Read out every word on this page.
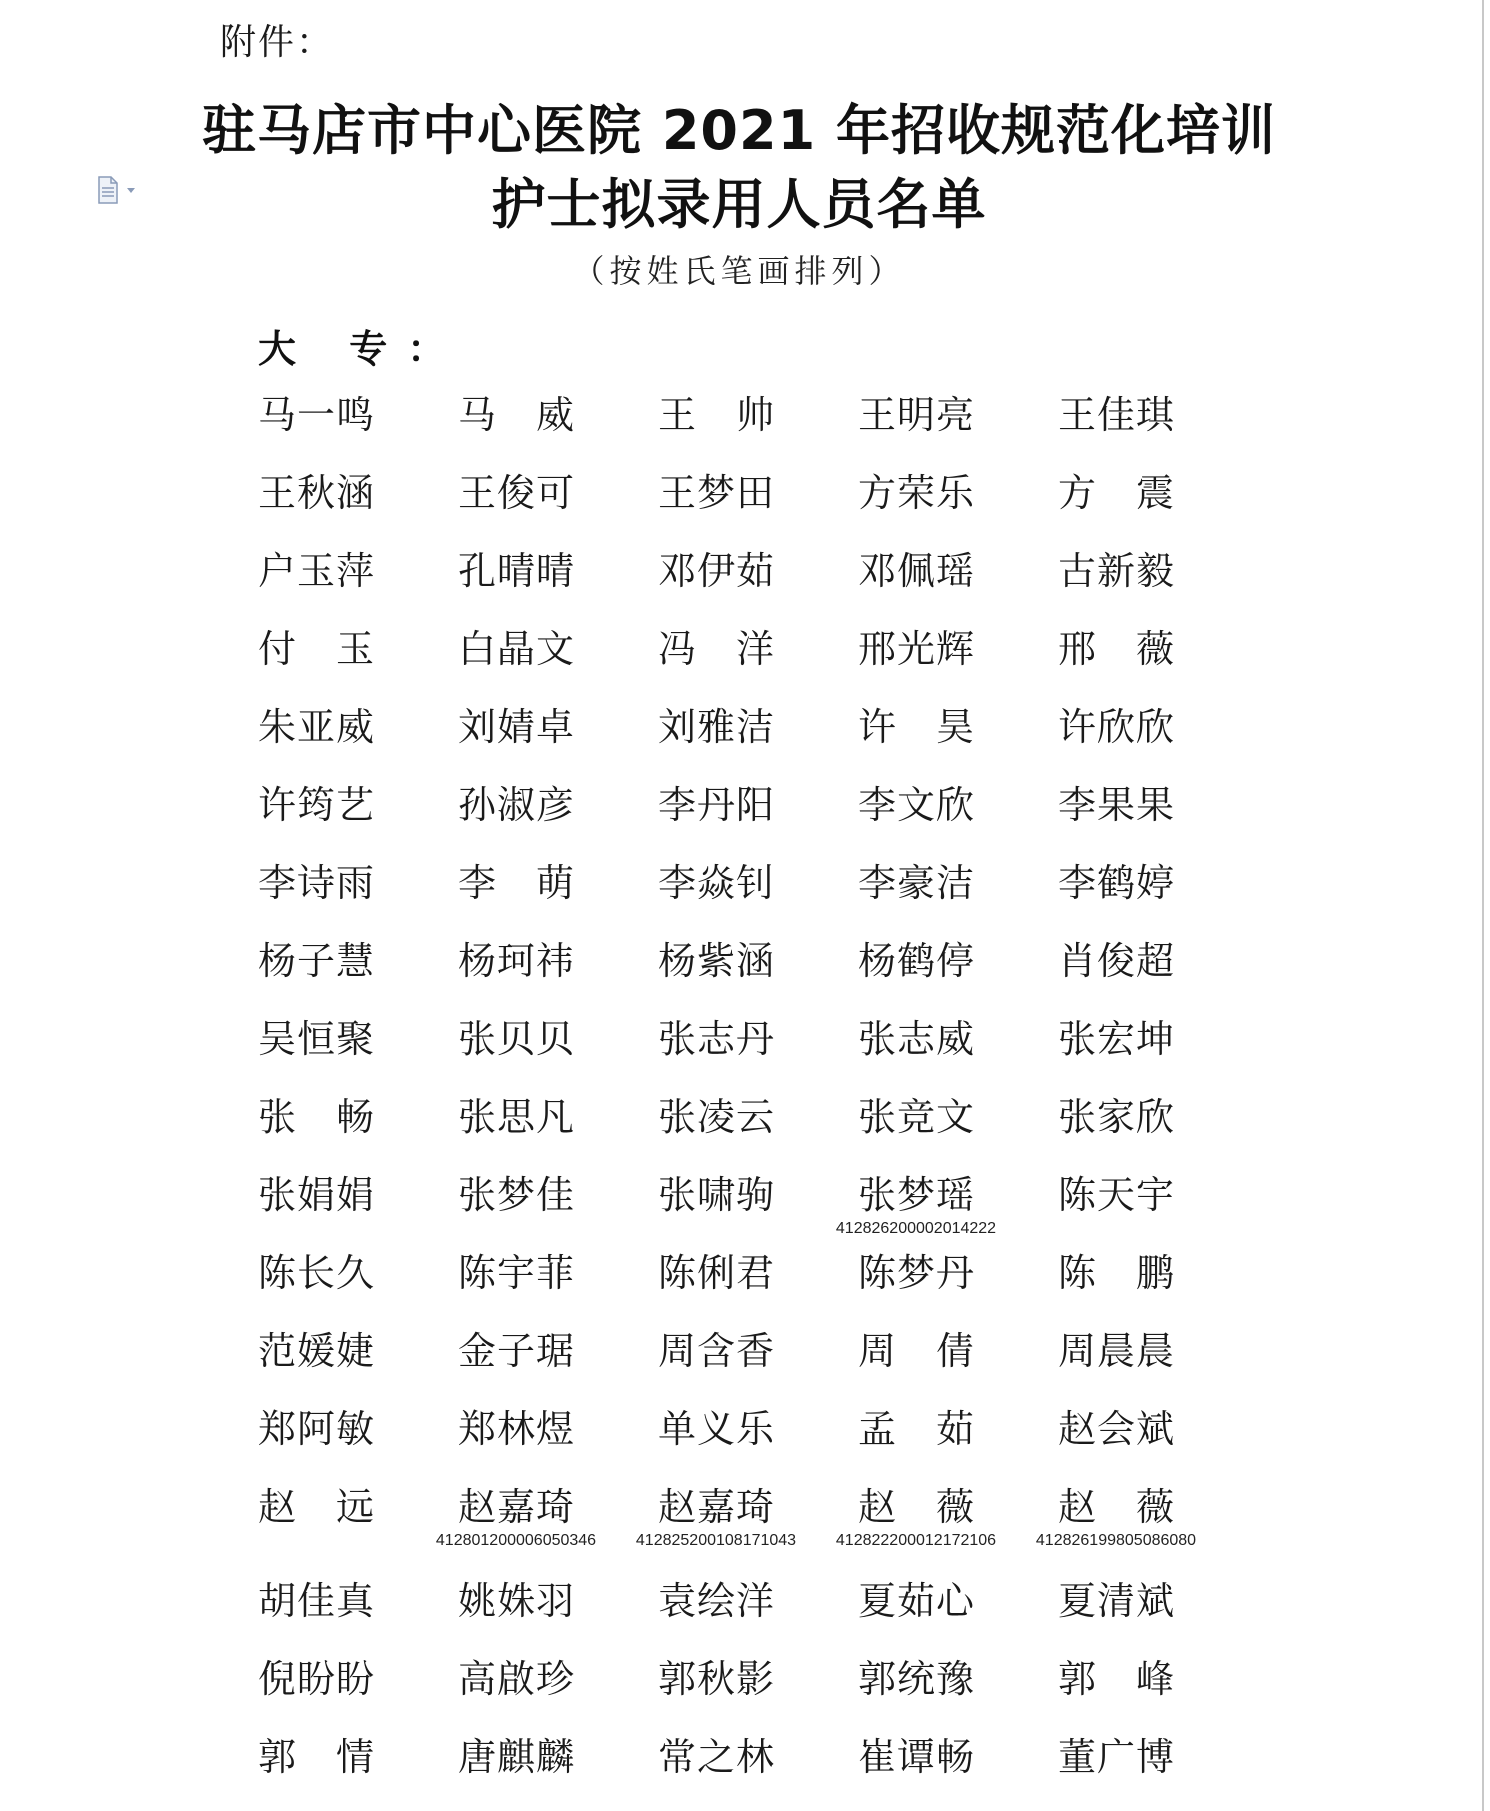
附件：
驻马店市中心医院 2021 年招收规范化培训
护士拟录用人员名单
（按姓氏笔画排列）
大 专：
马一鸣 马 威 王 帅 王明亮 王佳琪
王秋涵 王俊可 王梦田 方荣乐 方 震
户玉萍 孔晴晴 邓伊茹 邓佩瑶 古新毅
付 玉 白晶文 冯 洋 邢光辉 邢 薇
朱亚威 刘婧卓 刘雅洁 许 昊 许欣欣
许筠艺 孙淑彦 李丹阳 李文欣 李果果
李诗雨 李 萌 李焱钊 李豪洁 李鹤婷
杨子慧 杨珂祎 杨紫涵 杨鹤停 肖俊超
吴恒聚 张贝贝 张志丹 张志威 张宏坤
张 畅 张思凡 张凌云 张竞文 张家欣
张娟娟 张梦佳 张啸驹 张梦瑶
412826200002014222
陈天宇
陈长久 陈宇菲 陈俐君 陈梦丹 陈 鹏
范媛婕 金子琚 周含香 周 倩 周晨晨
郑阿敏 郑林煜 单义乐 孟 茹 赵会斌
赵 远 赵嘉琦
412801200006050346
赵嘉琦
412825200108171043
赵 薇
412822200012172106
赵 薇
412826199805086080
胡佳真 姚姝羽 袁绘洋 夏茹心 夏清斌
倪盼盼 高啟珍 郭秋影 郭统豫 郭 峰
郭 情 唐麒麟 常之林 崔谭畅 董广博
